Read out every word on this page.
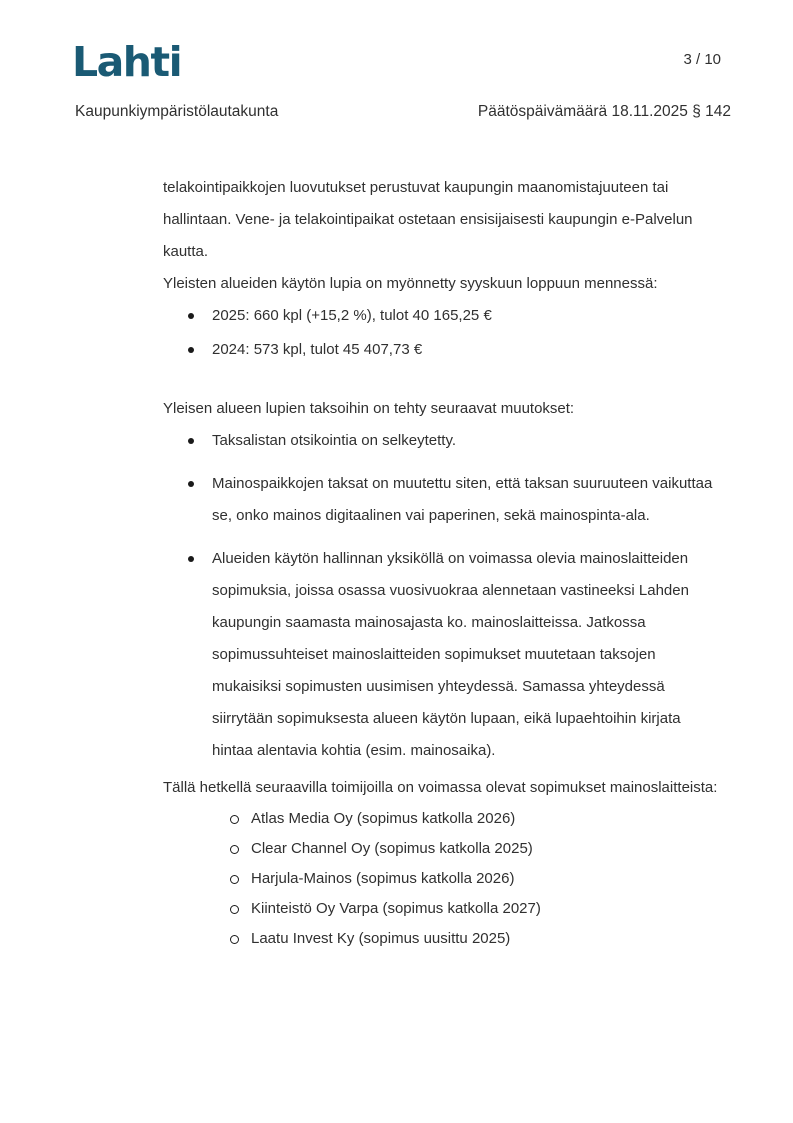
Lahti	3 / 10
Kaupunkiympäristölautakunta	Päätöspäivämäärä 18.11.2025 § 142

telakointipaikkojen luovutukset perustuvat kaupungin maanomistajuuteen tai hallintaan. Vene- ja telakointipaikat ostetaan ensisijaisesti kaupungin e-Palvelun kautta.

Yleisten alueiden käytön lupia on myönnetty syyskuun loppuun mennessä:

2025: 660 kpl (+15,2 %), tulot 40 165,25 €
2024: 573 kpl, tulot 45 407,73 €

Yleisen alueen lupien taksoihin on tehty seuraavat muutokset:

Taksalistan otsikointia on selkeytetty.
Mainospaikkojen taksat on muutettu siten, että taksan suuruuteen vaikuttaa se, onko mainos digitaalinen vai paperinen, sekä mainospinta-ala.
Alueiden käytön hallinnan yksiköllä on voimassa olevia mainoslaitteiden sopimuksia, joissa osassa vuosivuokraa alennetaan vastineeksi Lahden kaupungin saamasta mainosajasta ko. mainoslaitteissa. Jatkossa sopimussuhteiset mainoslaitteiden sopimukset muutetaan taksojen mukaisiksi sopimusten uusimisen yhteydessä. Samassa yhteydessä siirrytään sopimuksesta alueen käytön lupaan, eikä lupaehtoihin kirjata hintaa alentavia kohtia (esim. mainosaika).

Tällä hetkellä seuraavilla toimijoilla on voimassa olevat sopimukset mainoslaitteista:

Atlas Media Oy (sopimus katkolla 2026)
Clear Channel Oy (sopimus katkolla 2025)
Harjula-Mainos (sopimus katkolla 2026)
Kiinteistö Oy Varpa (sopimus katkolla 2027)
Laatu Invest Ky (sopimus uusittu 2025)
